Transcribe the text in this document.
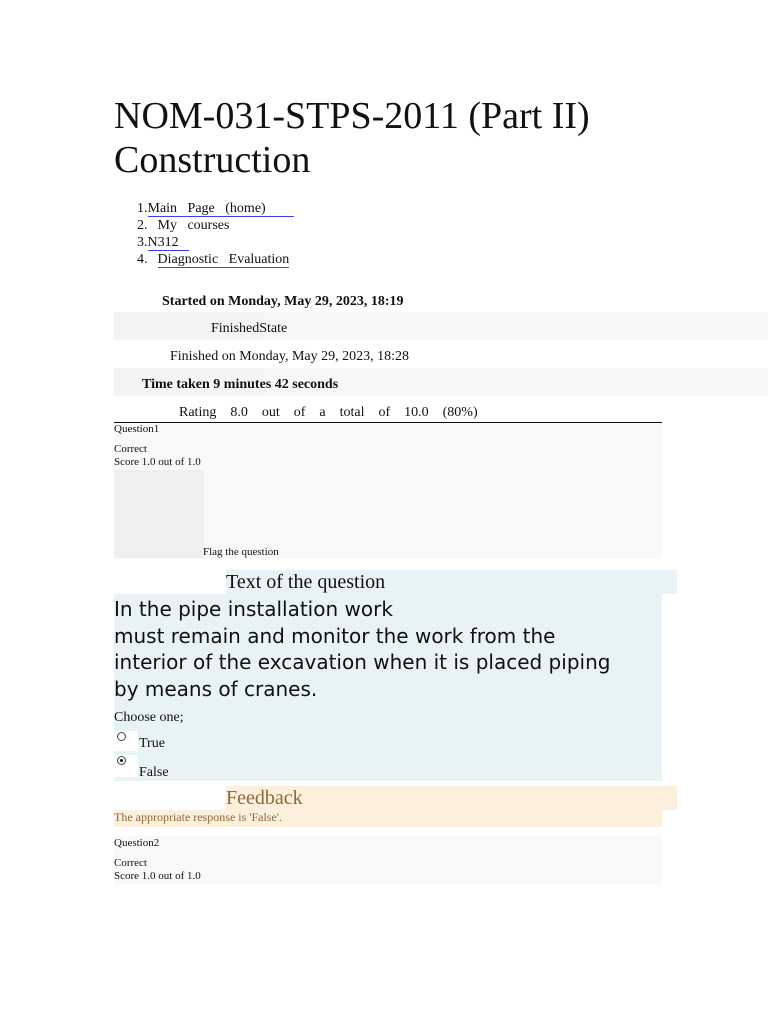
NOM-031-STPS-2011 (Part II) Construction
1.Main   Page   (home)
2. My   courses
3.N312
4. Diagnostic   Evaluation
Started on Monday, May 29, 2023, 18:19
FinishedState
Finished on Monday, May 29, 2023, 18:28
Time taken 9 minutes 42 seconds
Rating    8.0    out    of    a    total    of    10.0    (80%)
Question1
Correct
Score 1.0 out of 1.0
Flag the question
Text of the question
In the pipe installation work
must remain and monitor the work from the interior of the excavation when it is placed piping by means of cranes.
Choose one;
True
False
Feedback
The appropriate response is 'False'.
Question2
Correct
Score 1.0 out of 1.0
